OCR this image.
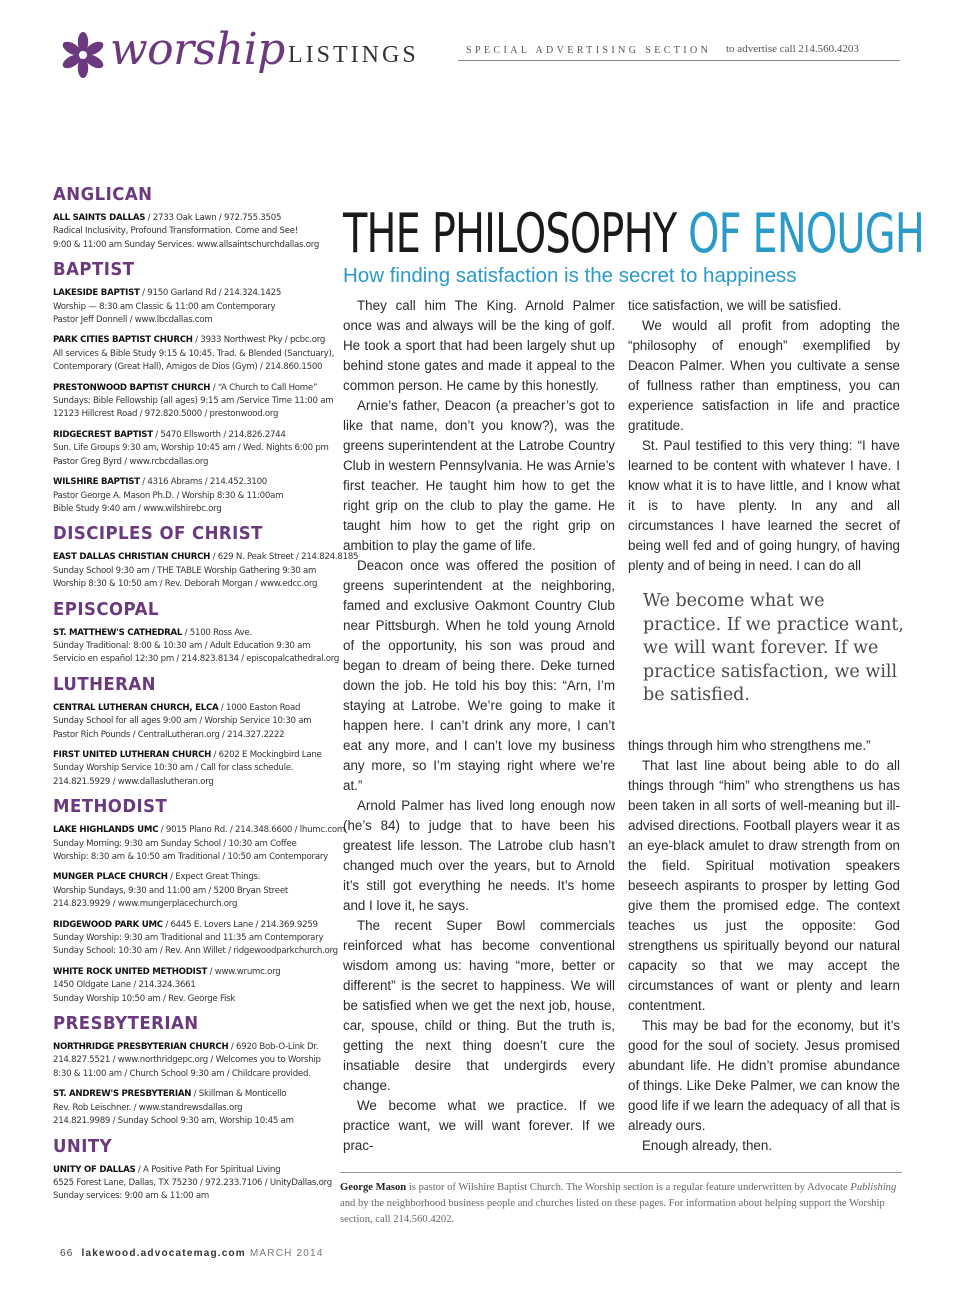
worship LISTINGS	SPECIAL ADVERTISING SECTION to advertise call 214.560.4203
ANGLICAN
ALL SAINTS DALLAS / 2733 Oak Lawn / 972.755.3505
Radical Inclusivity, Profound Transformation. Come and See!
9:00 & 11:00 am Sunday Services. www.allsaintschurchdallas.org
BAPTIST
LAKESIDE BAPTIST / 9150 Garland Rd / 214.324.1425
Worship — 8:30 am Classic & 11:00 am Contemporary
Pastor Jeff Donnell / www.lbcdallas.com
PARK CITIES BAPTIST CHURCH / 3933 Northwest Pky / pcbc.org
All services & Bible Study 9:15 & 10:45. Trad. & Blended (Sanctuary),
Contemporary (Great Hall), Amigos de Dios (Gym) / 214.860.1500
PRESTONWOOD BAPTIST CHURCH / “A Church to Call Home”
Sundays: Bible Fellowship (all ages) 9:15 am /Service Time 11:00 am
12123 Hillcrest Road / 972.820.5000 / prestonwood.org
RIDGECREST BAPTIST / 5470 Ellsworth / 214.826.2744
Sun. Life Groups 9:30 am, Worship 10:45 am / Wed. Nights 6:00 pm
Pastor Greg Byrd / www.rcbcdallas.org
WILSHIRE BAPTIST / 4316 Abrams / 214.452.3100
Pastor George A. Mason Ph.D. / Worship 8:30 & 11:00am
Bible Study 9:40 am / www.wilshirebc.org
DISCIPLES OF CHRIST
EAST DALLAS CHRISTIAN CHURCH / 629 N. Peak Street / 214.824.8185
Sunday School 9:30 am / THE TABLE Worship Gathering 9:30 am
Worship 8:30 & 10:50 am / Rev. Deborah Morgan / www.edcc.org
EPISCOPAL
ST. MATTHEW'S CATHEDRAL / 5100 Ross Ave.
Sunday Traditional: 8:00 & 10:30 am / Adult Education 9:30 am
Servicio en español 12:30 pm / 214.823.8134 / episcopalcathedral.org
LUTHERAN
CENTRAL LUTHERAN CHURCH, ELCA / 1000 Easton Road
Sunday School for all ages 9:00 am / Worship Service 10:30 am
Pastor Rich Pounds / CentralLutheran.org / 214.327.2222
FIRST UNITED LUTHERAN CHURCH / 6202 E Mockingbird Lane
Sunday Worship Service 10:30 am / Call for class schedule.
214.821.5929 / www.dallaslutheran.org
METHODIST
LAKE HIGHLANDS UMC / 9015 Plano Rd. / 214.348.6600 / lhumc.com
Sunday Morning: 9:30 am Sunday School / 10:30 am Coffee
Worship: 8:30 am & 10:50 am Traditional / 10:50 am Contemporary
MUNGER PLACE CHURCH / Expect Great Things.
Worship Sundays, 9:30 and 11:00 am / 5200 Bryan Street
214.823.9929 / www.mungerplacechurch.org
RIDGEWOOD PARK UMC / 6445 E. Lovers Lane / 214.369.9259
Sunday Worship: 9:30 am Traditional and 11:35 am Contemporary
Sunday School: 10:30 am / Rev. Ann Willet / ridgewoodparkchurch.org
WHITE ROCK UNITED METHODIST / www.wrumc.org
1450 Oldgate Lane / 214.324.3661
Sunday Worship 10:50 am / Rev. George Fisk
PRESBYTERIAN
NORTHRIDGE PRESBYTERIAN CHURCH / 6920 Bob-O-Link Dr.
214.827.5521 / www.northridgepc.org / Welcomes you to Worship
8:30 & 11:00 am / Church School 9:30 am / Childcare provided.
ST. ANDREW'S PRESBYTERIAN / Skillman & Monticello
Rev. Rob Leischner. / www.standrewsdallas.org
214.821.9989 / Sunday School 9:30 am, Worship 10:45 am
UNITY
UNITY OF DALLAS / A Positive Path For Spiritual Living
6525 Forest Lane, Dallas, TX 75230 / 972.233.7106 / UnityDallas.org
Sunday services: 9:00 am & 11:00 am
THE PHILOSOPHY OF ENOUGH
How finding satisfaction is the secret to happiness

They call him The King. Arnold Palmer once was and always will be the king of golf. He took a sport that had been largely shut up behind stone gates and made it appeal to the common person. He came by this honestly.

Arnie’s father, Deacon (a preacher’s got to like that name, don’t you know?), was the greens superintendent at the Latrobe Country Club in western Pennsylvania. He was Arnie’s first teacher. He taught him how to get the right grip on the club to play the game. He taught him how to get the right grip on ambition to play the game of life.

Deacon once was offered the position of greens superintendent at the neighboring, famed and exclusive Oakmont Country Club near Pittsburgh. When he told young Arnold of the opportunity, his son was proud and began to dream of being there. Deke turned down the job. He told his boy this: “Arn, I’m staying at Latrobe. We’re going to make it happen here. I can’t drink any more, I can’t eat any more, and I can’t love my business any more, so I’m staying right where we’re at.”

Arnold Palmer has lived long enough now (he’s 84) to judge that to have been his greatest life lesson. The Latrobe club hasn’t changed much over the years, but to Arnold it’s still got everything he needs. It’s home and I love it, he says.

The recent Super Bowl commercials reinforced what has become conventional wisdom among us: having “more, better or different” is the secret to happiness. We will be satisfied when we get the next job, house, car, spouse, child or thing. But the truth is, getting the next thing doesn’t cure the insatiable desire that undergirds every change.

We become what we practice. If we practice want, we will want forever. If we prac-

tice satisfaction, we will be satisfied.

We would all profit from adopting the “philosophy of enough” exemplified by Deacon Palmer. When you cultivate a sense of fullness rather than emptiness, you can experience satisfaction in life and practice gratitude.

St. Paul testified to this very thing: “I have learned to be content with whatever I have. I know what it is to have little, and I know what it is to have plenty. In any and all circumstances I have learned the secret of being well fed and of going hungry, of having plenty and of being in need. I can do all

We become what we practice. If we practice want, we will want forever. If we practice satisfaction, we will be satisfied.

things through him who strengthens me.”

That last line about being able to do all things through “him” who strengthens us has been taken in all sorts of well-meaning but ill-advised directions. Football players wear it as an eye-black amulet to draw strength from on the field. Spiritual motivation speakers beseech aspirants to prosper by letting God give them the promised edge. The context teaches us just the opposite: God strengthens us spiritually beyond our natural capacity so that we may accept the circumstances of want or plenty and learn contentment.

This may be bad for the economy, but it’s good for the soul of society. Jesus promised abundant life. He didn’t promise abundance of things. Like Deke Palmer, we can know the good life if we learn the adequacy of all that is already ours.

Enough already, then.

George Mason is pastor of Wilshire Baptist Church. The Worship section is a regular feature underwritten by Advocate Publishing and by the neighborhood business people and churches listed on these pages. For information about helping support the Worship section, call 214.560.4202.
66 lakewood.advocatemag.com MARCH 2014
